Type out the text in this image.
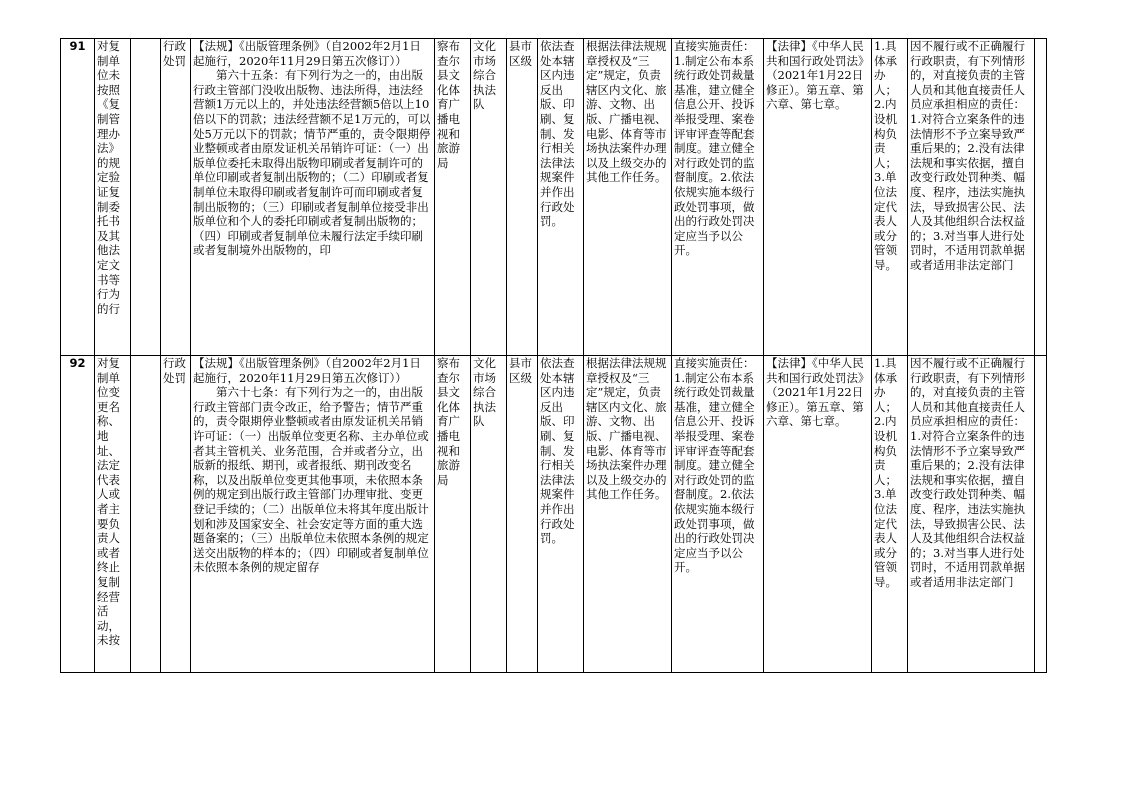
91	对复制单位未按照《复制管理办法》的规定验证复制委托书及其他法定文书等行为的行		行政处罚	【法规】《出版管理条例》（自2002年2月1日起施行，2020年11月29日第五次修订））
第六十五条：有下列行为之一的，由出版行政主管部门没收出版物、违法所得，违法经营额1万元以上的，并处违法经营额5倍以上10倍以下的罚款；违法经营额不足1万元的，可以处5万元以下的罚款；情节严重的，责令限期停业整顿或者由原发证机关吊销许可证：（一）出版单位委托未取得出版物印刷或者复制许可的单位印刷或者复制出版物的；（二）印刷或者复制单位未取得印刷或者复制许可而印刷或者复制出版物的；（三）印刷或者复制单位接受非出版单位和个人的委托印刷或者复制出版物的；（四）印刷或者复制单位未履行法定手续印刷或者复制境外出版物的，印	察布查尔县文化体育广播电视和旅游局	文化市场综合执法队	县市区级	依法查处本辖区内违反出版、印刷、复制、发行相关法律法规案件并作出行政处罚。	根据法律法规规章授权及“三定”规定，负责辖区内文化、旅游、文物、出版、广播电视、电影、体育等市场执法案件办理以及上级交办的其他工作任务。	直接实施责任：1.制定公布本系统行政处罚裁量基准，建立健全信息公开、投诉举报受理、案卷评审评查等配套制度。建立健全对行政处罚的监督制度。2.依法依规实施本级行政处罚事项，做出的行政处罚决定应当予以公开。	【法律】《中华人民共和国行政处罚法》（2021年1月22日修正）。第五章、第六章、第七章。	1.具体承办人；2.内设机构负责人；3.单位法定代表人或分管领导。	因不履行或不正确履行行政职责，有下列情形的，对直接负责的主管人员和其他直接责任人员应承担相应的责任：1.对符合立案条件的违法情形不予立案导致严重后果的；2.没有法律法规和事实依据，擅自改变行政处罚种类、幅度、程序，违法实施执法，导致损害公民、法人及其他组织合法权益的；3.对当事人进行处罚时，不适用罚款单据或者适用非法定部门	

92	对复制单位变更名称、地址、法定代表人或者主要负责人或者终止复制经营活动，未按		行政处罚	【法规】《出版管理条例》（自2002年2月1日起施行，2020年11月29日第五次修订））
第六十七条：有下列行为之一的，由出版行政主管部门责令改正，给予警告；情节严重的，责令限期停业整顿或者由原发证机关吊销许可证：（一）出版单位变更名称、主办单位或者其主管机关、业务范围，合并或者分立，出版新的报纸、期刊，或者报纸、期刊改变名称，以及出版单位变更其他事项，未依照本条例的规定到出版行政主管部门办理审批、变更登记手续的；（二）出版单位未将其年度出版计划和涉及国家安全、社会安定等方面的重大选题备案的；（三）出版单位未依照本条例的规定送交出版物的样本的；（四）印刷或者复制单位未依照本条例的规定留存	察布查尔县文化体育广播电视和旅游局	文化市场综合执法队	县市区级	依法查处本辖区内违反出版、印刷、复制、发行相关法律法规案件并作出行政处罚。	根据法律法规规章授权及“三定”规定，负责辖区内文化、旅游、文物、出版、广播电视、电影、体育等市场执法案件办理以及上级交办的其他工作任务。	直接实施责任：1.制定公布本系统行政处罚裁量基准，建立健全信息公开、投诉举报受理、案卷评审评查等配套制度。建立健全对行政处罚的监督制度。2.依法依规实施本级行政处罚事项，做出的行政处罚决定应当予以公开。	【法律】《中华人民共和国行政处罚法》（2021年1月22日修正）。第五章、第六章、第七章。	1.具体承办人；2.内设机构负责人；3.单位法定代表人或分管领导。	因不履行或不正确履行行政职责，有下列情形的，对直接负责的主管人员和其他直接责任人员应承担相应的责任：1.对符合立案条件的违法情形不予立案导致严重后果的；2.没有法律法规和事实依据，擅自改变行政处罚种类、幅度、程序，违法实施执法，导致损害公民、法人及其他组织合法权益的；3.对当事人进行处罚时，不适用罚款单据或者适用非法定部门	
